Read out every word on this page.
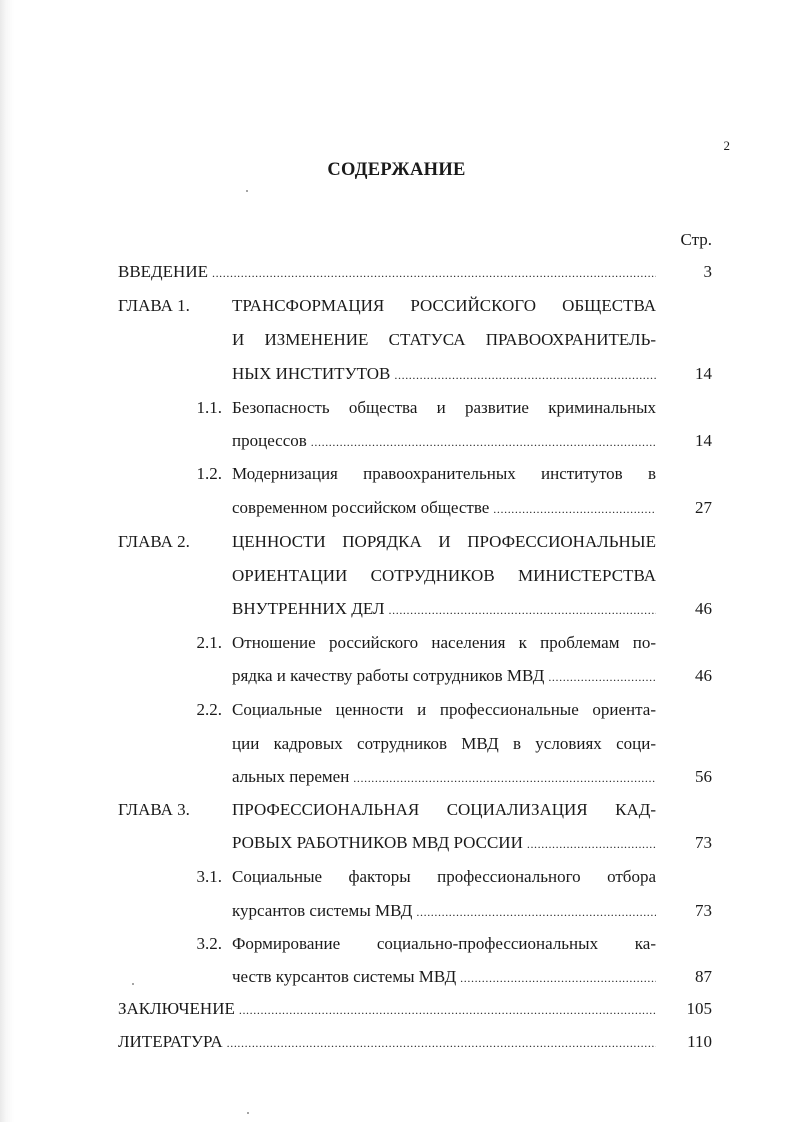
2
СОДЕРЖАНИЕ
Стр.
ВВЕДЕНИЕ .....	3
ГЛАВА 1. ТРАНСФОРМАЦИЯ РОССИЙСКОГО ОБЩЕСТВА
И ИЗМЕНЕНИЕ СТАТУСА ПРАВООХРАНИТЕЛЬ-
НЫХ ИНСТИТУТОВ .....	14
1.1. Безопасность общества и развитие криминальных
процессов .....	14
1.2. Модернизация правоохранительных институтов в
современном российском обществе .....	27
ГЛАВА 2. ЦЕННОСТИ ПОРЯДКА И ПРОФЕССИОНАЛЬНЫЕ
ОРИЕНТАЦИИ СОТРУДНИКОВ МИНИСТЕРСТВА
ВНУТРЕННИХ ДЕЛ .....	46
2.1. Отношение российского населения к проблемам по-
рядка и качеству работы сотрудников МВД .....	46
2.2. Социальные ценности и профессиональные ориента-
ции кадровых сотрудников МВД в условиях соци-
альных перемен .....	56
ГЛАВА 3. ПРОФЕССИОНАЛЬНАЯ СОЦИАЛИЗАЦИЯ КАД-
РОВЫХ РАБОТНИКОВ МВД РОССИИ .....	73
3.1. Социальные факторы профессионального отбора
курсантов системы МВД .....	73
3.2. Формирование социально-профессиональных ка-
честв курсантов системы МВД .....	87
ЗАКЛЮЧЕНИЕ .....	105
ЛИТЕРАТУРА .....	110
